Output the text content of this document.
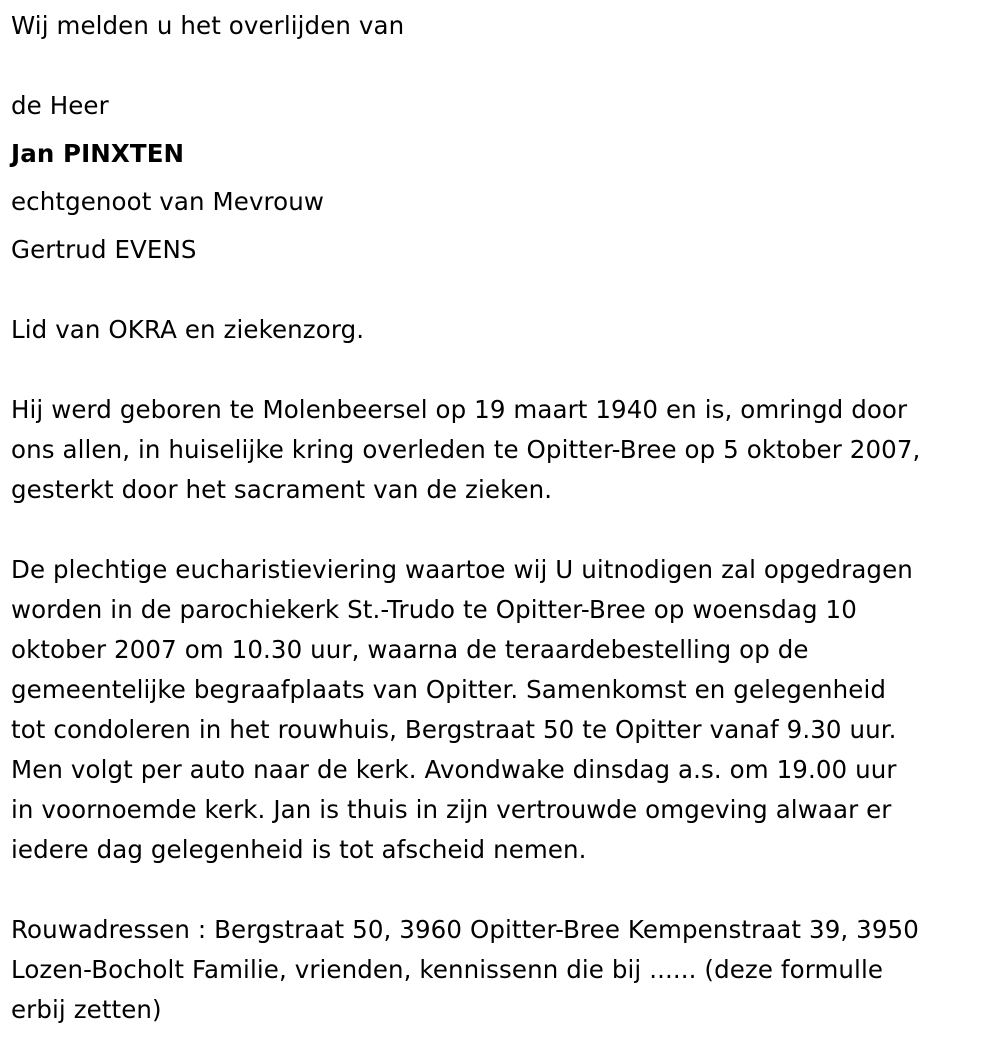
Wij melden u het overlijden van
de Heer
Jan PINXTEN
echtgenoot van Mevrouw
Gertrud EVENS
Lid van OKRA en ziekenzorg.
Hij werd geboren te Molenbeersel op 19 maart 1940 en is, omringd door
ons allen, in huiselijke kring overleden te Opitter-Bree op 5 oktober 2007,
gesterkt door het sacrament van de zieken.
De plechtige eucharistieviering waartoe wij U uitnodigen zal opgedragen
worden in de parochiekerk St.-Trudo te Opitter-Bree op woensdag 10
oktober 2007 om 10.30 uur, waarna de teraardebestelling op de
gemeentelijke begraafplaats van Opitter. Samenkomst en gelegenheid
tot condoleren in het rouwhuis, Bergstraat 50 te Opitter vanaf 9.30 uur.
Men volgt per auto naar de kerk. Avondwake dinsdag a.s. om 19.00 uur
in voornoemde kerk. Jan is thuis in zijn vertrouwde omgeving alwaar er
iedere dag gelegenheid is tot afscheid nemen.
Rouwadressen : Bergstraat 50, 3960 Opitter-Bree Kempenstraat 39, 3950
Lozen-Bocholt Familie, vrienden, kennissenn die bij ...... (deze formulle
erbij zetten)
